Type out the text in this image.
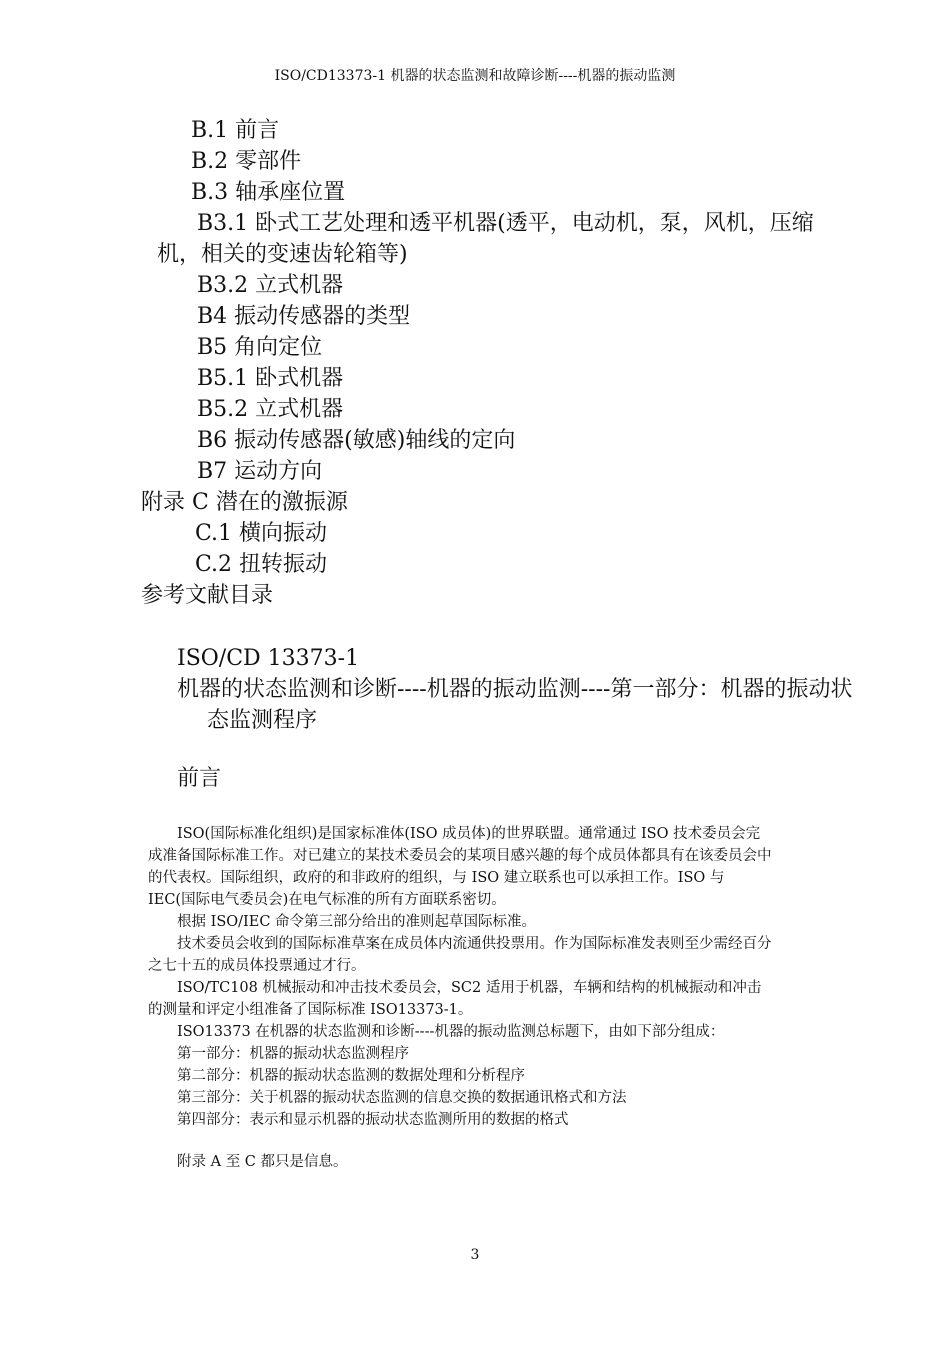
ISO/CD13373-1 机器的状态监测和故障诊断----机器的振动监测
B.1 前言
B.2 零部件
B.3 轴承座位置
B3.1 卧式工艺处理和透平机器(透平，电动机，泵，风机，压缩机，相关的变速齿轮箱等)
B3.2 立式机器
B4 振动传感器的类型
B5 角向定位
B5.1 卧式机器
B5.2 立式机器
B6 振动传感器(敏感)轴线的定向
B7 运动方向
附录 C 潜在的激振源
C.1 横向振动
C.2 扭转振动
参考文献目录
ISO/CD 13373-1
机器的状态监测和诊断----机器的振动监测----第一部分：机器的振动状态监测程序
前言

ISO(国际标准化组织)是国家标准体(ISO 成员体)的世界联盟。通常通过 ISO 技术委员会完成准备国际标准工作。对已建立的某技术委员会的某项目感兴趣的每个成员体都具有在该委员会中的代表权。国际组织，政府的和非政府的组织，与 ISO 建立联系也可以承担工作。ISO 与 IEC(国际电气委员会)在电气标准的所有方面联系密切。

根据 ISO/IEC 命令第三部分给出的准则起草国际标准。

技术委员会收到的国际标准草案在成员体内流通供投票用。作为国际标准发表则至少需经百分之七十五的成员体投票通过才行。

ISO/TC108 机械振动和冲击技术委员会，SC2 适用于机器，车辆和结构的机械振动和冲击的测量和评定小组准备了国际标准 ISO13373-1。

ISO13373 在机器的状态监测和诊断----机器的振动监测总标题下，由如下部分组成：

第一部分：机器的振动状态监测程序

第二部分：机器的振动状态监测的数据处理和分析程序

第三部分：关于机器的振动状态监测的信息交换的数据通讯格式和方法

第四部分：表示和显示机器的振动状态监测所用的数据的格式

附录 A 至 C 都只是信息。

3
